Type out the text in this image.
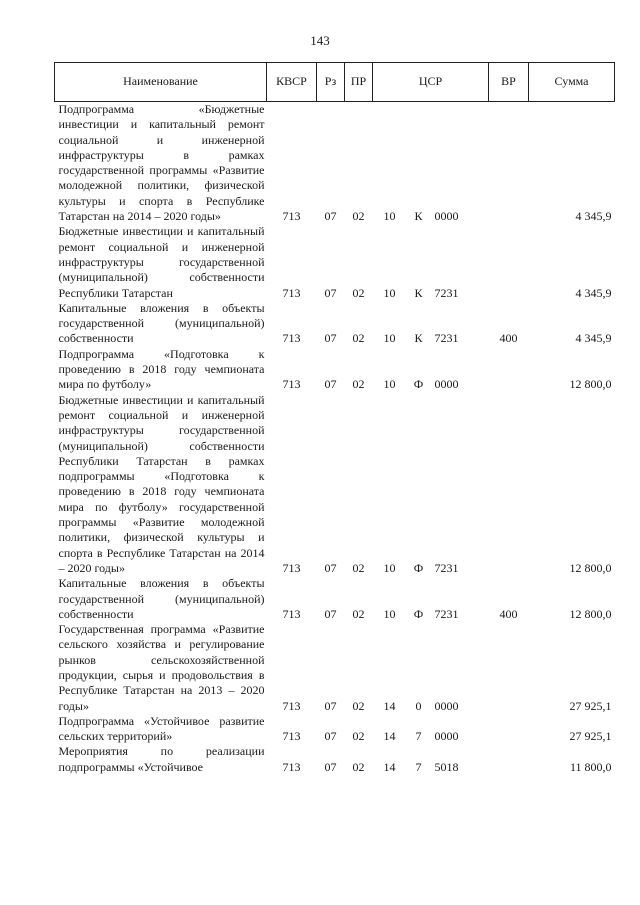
143
Наименование	КВСР	Рз	ПР	ЦСР			ВР	Сумма
Подпрограмма «Бюджетные инвестиции и капитальный ремонт социальной и инженерной инфраструктуры в рамках государственной программы «Развитие молодежной политики, физической культуры и спорта в Республике Татарстан на 2014 – 2020 годы»	713	07	02	10	К	0000		4 345,9
Бюджетные инвестиции и капитальный ремонт социальной и инженерной инфраструктуры государственной (муниципальной) собственности Республики Татарстан	713	07	02	10	К	7231		4 345,9
Капитальные вложения в объекты государственной (муниципальной) собственности	713	07	02	10	К	7231	400	4 345,9
Подпрограмма «Подготовка к проведению в 2018 году чемпионата мира по футболу»	713	07	02	10	Ф	0000		12 800,0
Бюджетные инвестиции и капитальный ремонт социальной и инженерной инфраструктуры государственной (муниципальной) собственности Республики Татарстан в рамках подпрограммы «Подготовка к проведению в 2018 году чемпионата мира по футболу» государственной программы «Развитие молодежной политики, физической культуры и спорта в Республике Татарстан на 2014 – 2020 годы»	713	07	02	10	Ф	7231		12 800,0
Капитальные вложения в объекты государственной (муниципальной) собственности	713	07	02	10	Ф	7231	400	12 800,0
Государственная программа «Развитие сельского хозяйства и регулирование рынков сельскохозяйственной продукции, сырья и продовольствия в Республике Татарстан на 2013 – 2020 годы»	713	07	02	14	0	0000		27 925,1
Подпрограмма «Устойчивое развитие сельских территорий»	713	07	02	14	7	0000		27 925,1
Мероприятия по реализации подпрограммы «Устойчивое	713	07	02	14	7	5018		11 800,0
